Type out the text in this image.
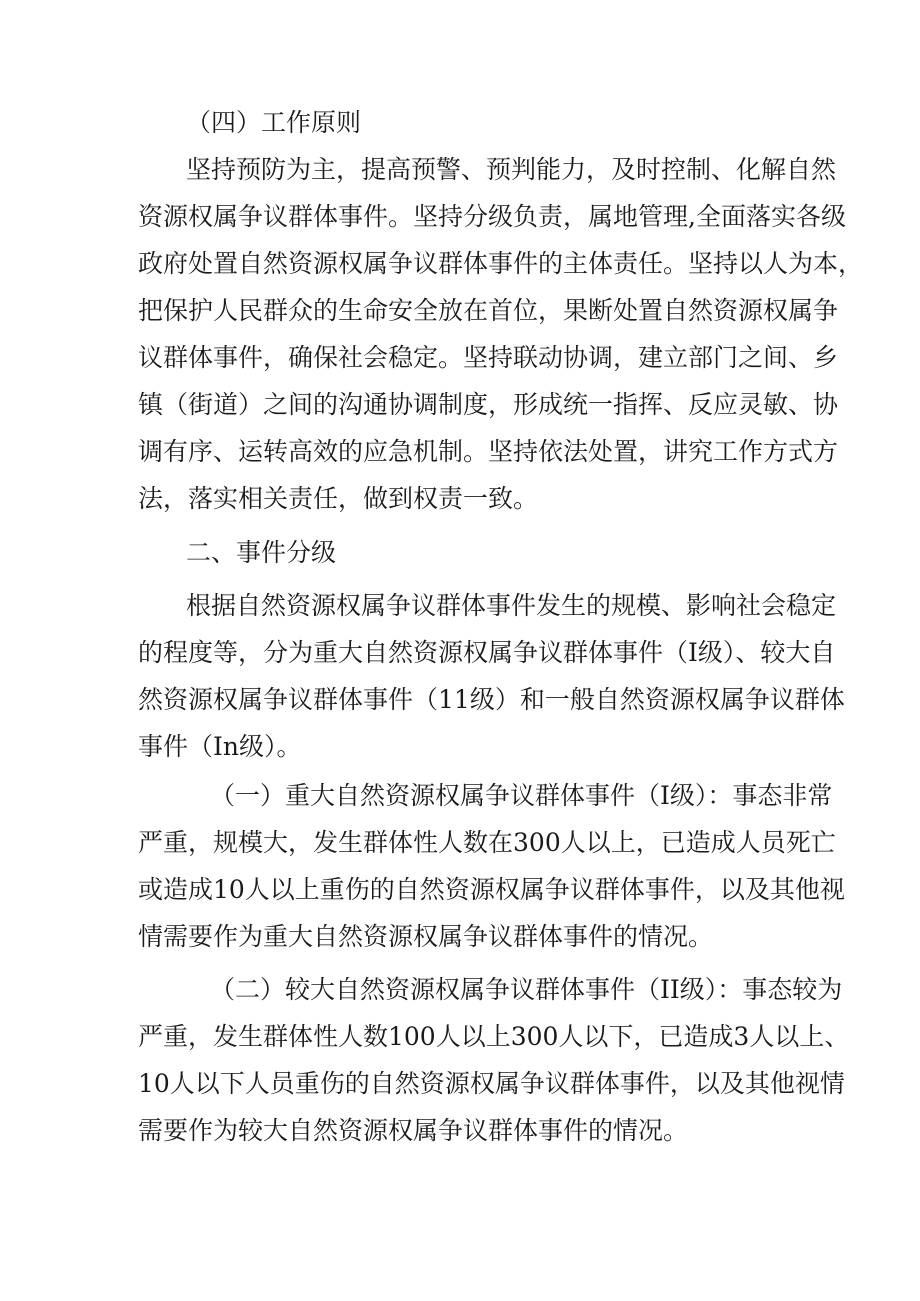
（四）工作原则
坚持预防为主，提高预警、预判能力，及时控制、化解自然
资源权属争议群体事件。坚持分级负责，属地管理,全面落实各级
政府处置自然资源权属争议群体事件的主体责任。坚持以人为本，
把保护人民群众的生命安全放在首位，果断处置自然资源权属争
议群体事件，确保社会稳定。坚持联动协调，建立部门之间、乡
镇（街道）之间的沟通协调制度，形成统一指挥、反应灵敏、协
调有序、运转高效的应急机制。坚持依法处置，讲究工作方式方
法，落实相关责任，做到权责一致。
二、事件分级
根据自然资源权属争议群体事件发生的规模、影响社会稳定
的程度等，分为重大自然资源权属争议群体事件（I级）、较大自
然资源权属争议群体事件（11级）和一般自然资源权属争议群体
事件（In级）。
（一）重大自然资源权属争议群体事件（I级）：事态非常
严重，规模大，发生群体性人数在300人以上，已造成人员死亡
或造成10人以上重伤的自然资源权属争议群体事件，以及其他视
情需要作为重大自然资源权属争议群体事件的情况。
（二）较大自然资源权属争议群体事件（II级）：事态较为
严重，发生群体性人数100人以上300人以下，已造成3人以上、
10人以下人员重伤的自然资源权属争议群体事件，以及其他视情
需要作为较大自然资源权属争议群体事件的情况。
